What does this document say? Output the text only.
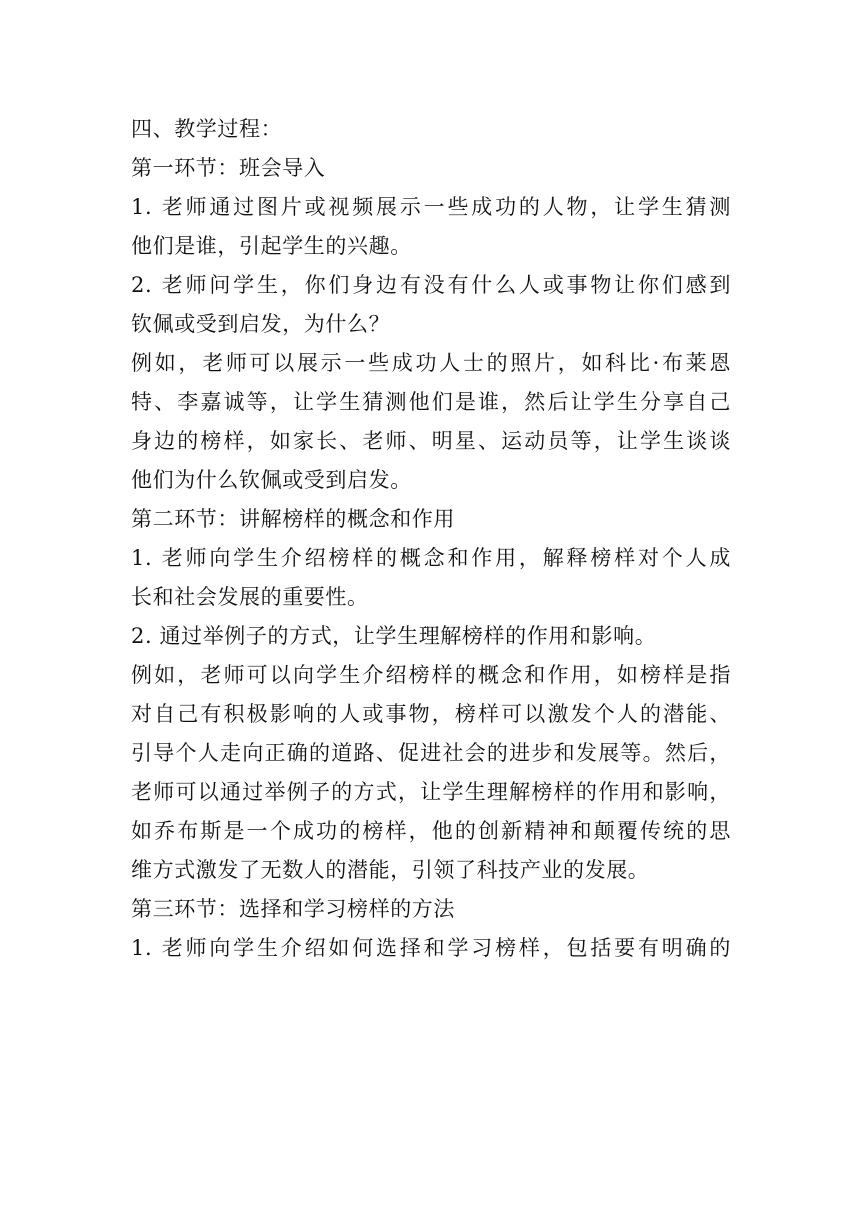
四、教学过程：
第一环节：班会导入
1. 老师通过图片或视频展示一些成功的人物，让学生猜测
他们是谁，引起学生的兴趣。
2. 老师问学生，你们身边有没有什么人或事物让你们感到
钦佩或受到启发，为什么？
例如，老师可以展示一些成功人士的照片，如科比·布莱恩
特、李嘉诚等，让学生猜测他们是谁，然后让学生分享自己
身边的榜样，如家长、老师、明星、运动员等，让学生谈谈
他们为什么钦佩或受到启发。
第二环节：讲解榜样的概念和作用
1. 老师向学生介绍榜样的概念和作用，解释榜样对个人成
长和社会发展的重要性。
2. 通过举例子的方式，让学生理解榜样的作用和影响。
例如，老师可以向学生介绍榜样的概念和作用，如榜样是指
对自己有积极影响的人或事物，榜样可以激发个人的潜能、
引导个人走向正确的道路、促进社会的进步和发展等。然后，
老师可以通过举例子的方式，让学生理解榜样的作用和影响，
如乔布斯是一个成功的榜样，他的创新精神和颠覆传统的思
维方式激发了无数人的潜能，引领了科技产业的发展。
第三环节：选择和学习榜样的方法
1. 老师向学生介绍如何选择和学习榜样，包括要有明确的
